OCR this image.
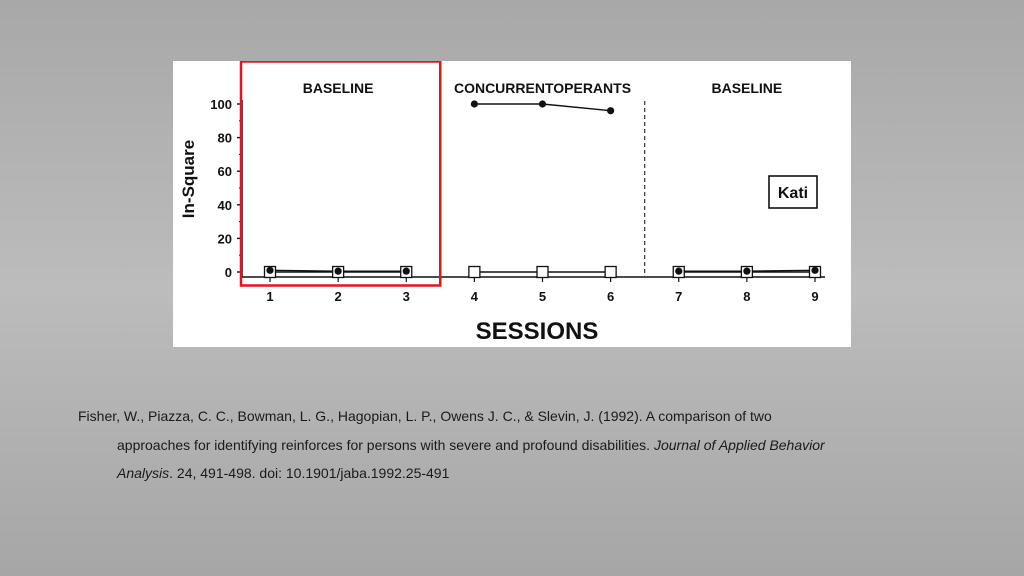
0
20
40
60
80
100
1	2	3	4	5	6	7	8	9
SESSIONS
In-Square
BASELINE	CONCURRENTOPERANTS	BASELINE
Kati
Fisher, W., Piazza, C. C., Bowman, L. G., Hagopian, L. P., Owens J. C., & Slevin, J. (1992). A comparison of two
approaches for identifying reinforces for persons with severe and profound disabilities. Journal of Applied Behavior
Analysis. 24, 491-498. doi: 10.1901/jaba.1992.25-491
